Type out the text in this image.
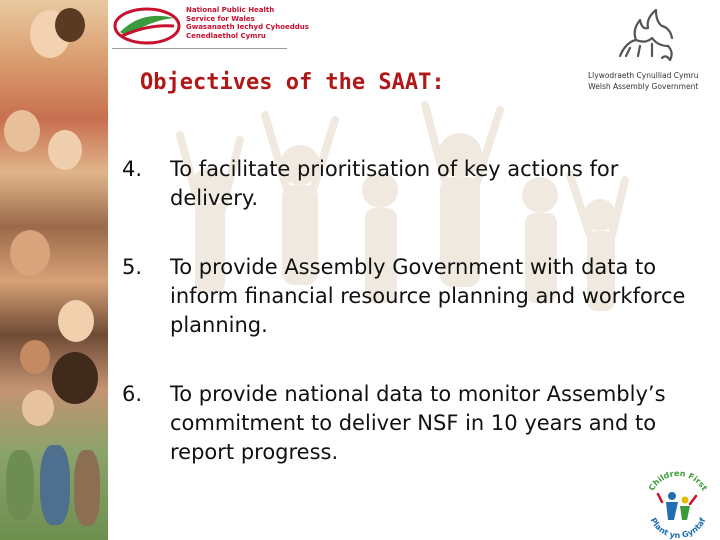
National Public Health
Service for Wales
Gwasanaeth Iechyd Cyhoeddus
Cenedlaethol Cymru
Llywodraeth Cynulliad Cymru
Welsh Assembly Government
Objectives of the SAAT:

4. To facilitate prioritisation of key actions for delivery.

5. To provide Assembly Government with data to inform financial resource planning and workforce planning.

6. To provide national data to monitor Assembly’s commitment to deliver NSF in 10 years and to report progress.

Children First
Plant yn Gyntaf
